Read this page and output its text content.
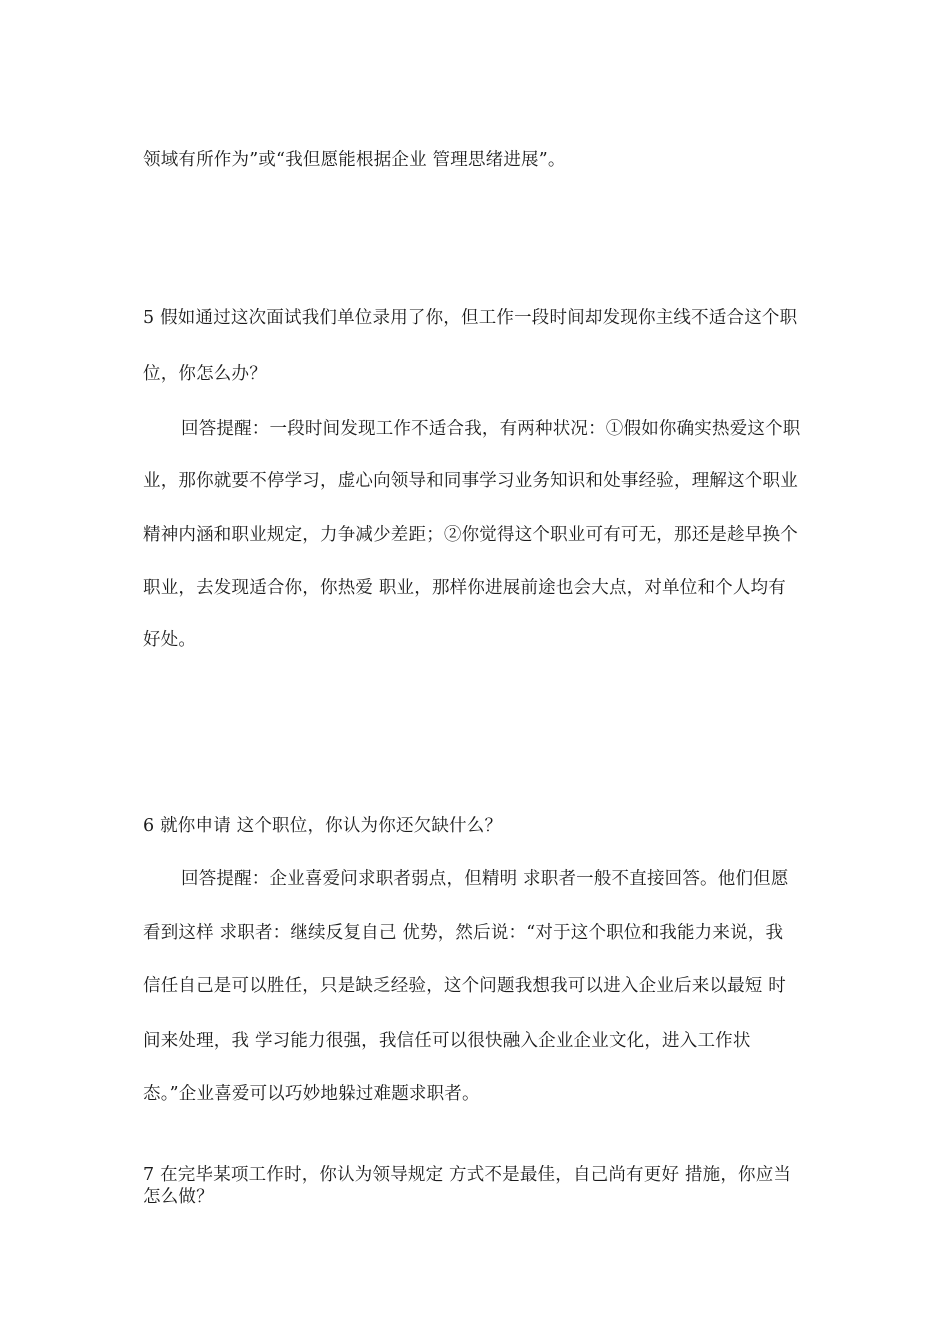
领域有所作为”或“我但愿能根据企业 管理思绪进展”。
5 假如通过这次面试我们单位录用了你，但工作一段时间却发现你主线不适合这个职
位，你怎么办？
回答提醒：一段时间发现工作不适合我，有两种状况：①假如你确实热爱这个职
业，那你就要不停学习，虚心向领导和同事学习业务知识和处事经验，理解这个职业
精神内涵和职业规定，力争减少差距；②你觉得这个职业可有可无，那还是趁早换个
职业，去发现适合你，你热爱 职业，那样你进展前途也会大点，对单位和个人均有
好处。
6 就你申请 这个职位，你认为你还欠缺什么？
回答提醒：企业喜爱问求职者弱点，但精明 求职者一般不直接回答。他们但愿
看到这样 求职者：继续反复自己 优势，然后说：“对于这个职位和我能力来说，我
信任自己是可以胜任，只是缺乏经验，这个问题我想我可以进入企业后来以最短 时
间来处理，我 学习能力很强，我信任可以很快融入企业企业文化，进入工作状
态。”企业喜爱可以巧妙地躲过难题求职者。
7 在完毕某项工作时，你认为领导规定 方式不是最佳，自己尚有更好 措施，你应当
怎么做？
